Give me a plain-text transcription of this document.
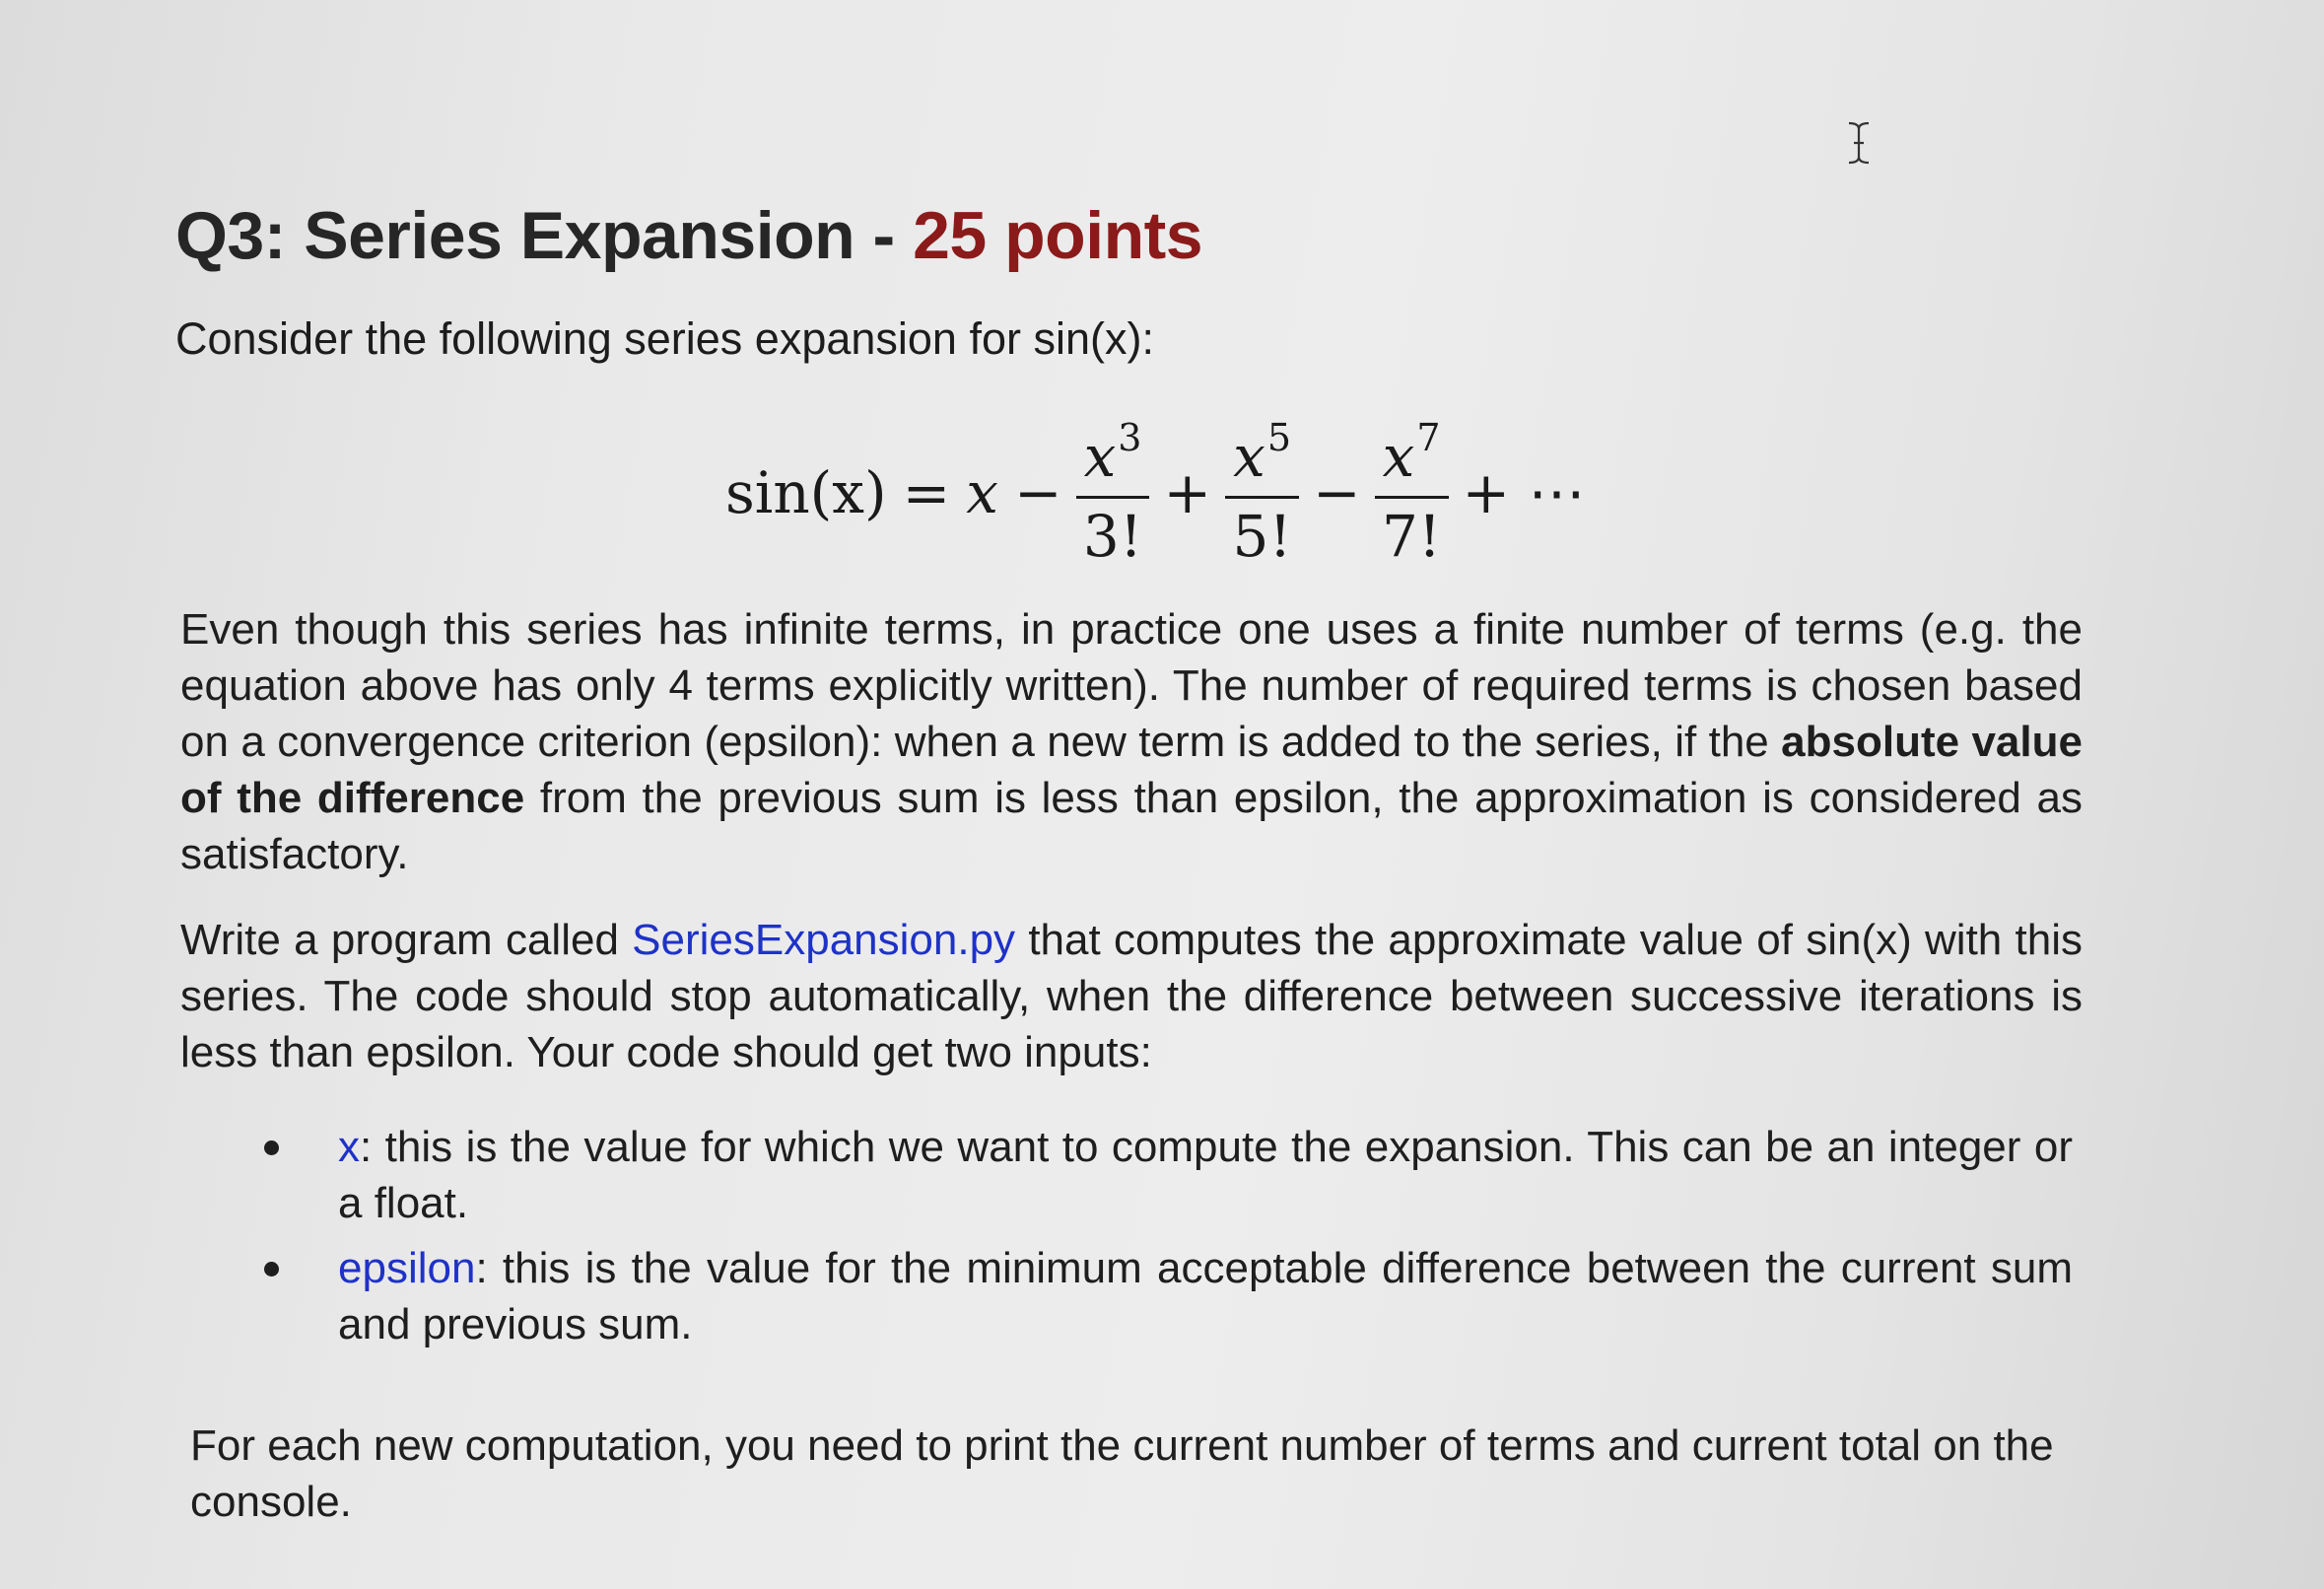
Q3: Series Expansion - 25 points
Consider the following series expansion for sin(x):
$\sin(x) = x - \frac{x^3}{3!} + \frac{x^5}{5!} - \frac{x^7}{7!}$ + ⋯
Even though this series has infinite terms, in practice one uses a finite number of terms (e.g. the equation above has only 4 terms explicitly written). The number of required terms is chosen based on a convergence criterion (epsilon): when a new term is added to the series, if the absolute value of the difference from the previous sum is less than epsilon, the approximation is considered as satisfactory.
Write a program called SeriesExpansion.py that computes the approximate value of sin(x) with this series. The code should stop automatically, when the difference between successive iterations is less than epsilon. Your code should get two inputs:
x: this is the value for which we want to compute the expansion. This can be an integer or a float.
epsilon: this is the value for the minimum acceptable difference between the current sum and previous sum.
For each new computation, you need to print the current number of terms and current total on the console.
